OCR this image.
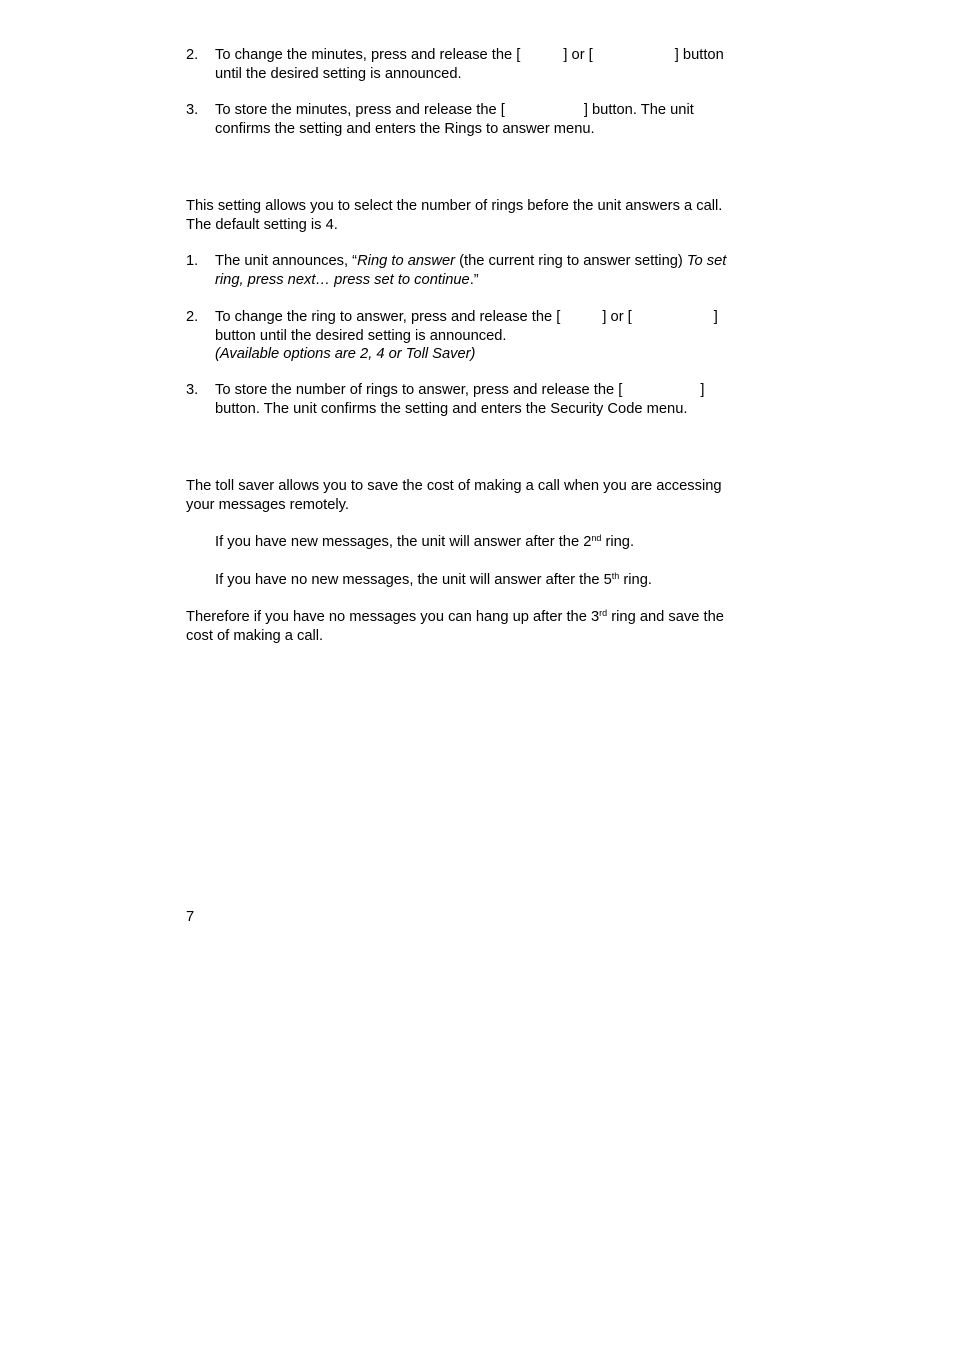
2.	To change the minutes, press and release the [	] or [	] button
until the desired setting is announced.
3.	To store the minutes, press and release the [	] button. The unit
confirms the setting and enters the Rings to answer menu.
This setting allows you to select the number of rings before the unit answers a call.
The default setting is 4.
1.	The unit announces, “Ring to answer (the current ring to answer setting) To set
ring, press next… press set to continue.”
2.	To change the ring to answer, press and release the [	] or [	]
button until the desired setting is announced.
(Available options are 2, 4 or Toll Saver)
3.	To store the number of rings to answer, press and release the [	]
button. The unit confirms the setting and enters the Security Code menu.
The toll saver allows you to save the cost of making a call when you are accessing
your messages remotely.
If you have new messages, the unit will answer after the 2nd ring.
If you have no new messages, the unit will answer after the 5th ring.
Therefore if you have no messages you can hang up after the 3rd ring and save the
cost of making a call.
7
